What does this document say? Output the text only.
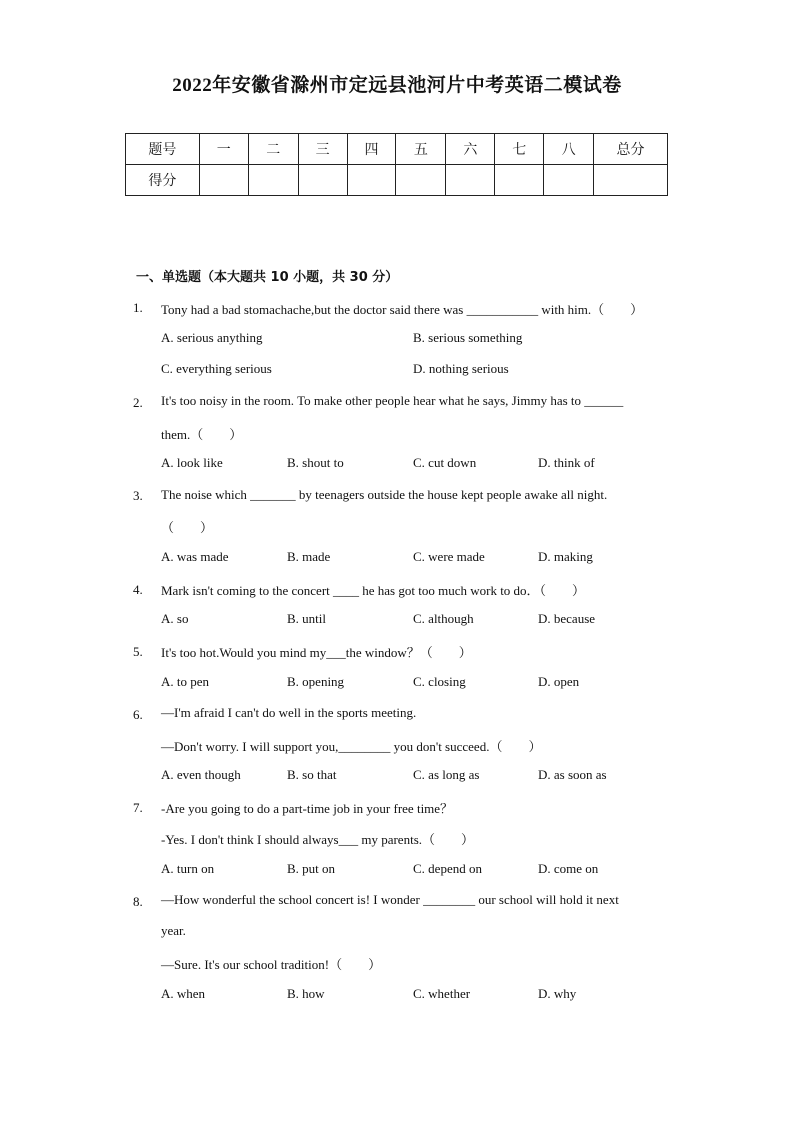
2022年安徽省滁州市定远县池河片中考英语二模试卷
题号	一	二	三	四	五	六	七	八	总分
得分									
一、单选题（本大题共 10 小题，共 30 分）
1. Tony had a bad stomachache,but the doctor said there was ___________ with him.（　　）
A. serious anything	B. serious something
C. everything serious	D. nothing serious
2. It's too noisy in the room. To make other people hear what he says, Jimmy has to ______
them.（　　）
A. look like	B. shout to	C. cut down	D. think of
3. The noise which _______ by teenagers outside the house kept people awake all night.
（　　）
A. was made	B. made	C. were made	D. making
4. Mark isn't coming to the concert ____ he has got too much work to do．（　　）
A. so	B. until	C. although	D. because
5. It's too hot.Would you mind my___the window？（　　）
A. to pen	B. opening	C. closing	D. open
6. —I'm afraid I can't do well in the sports meeting.
—Don't worry. I will support you,________ you don't succeed.（　　）
A. even though	B. so that	C. as long as	D. as soon as
7. -Are you going to do a part-time job in your free time？
-Yes. I don't think I should always___ my parents.（　　）
A. turn on	B. put on	C. depend on	D. come on
8. —How wonderful the school concert is! I wonder ________ our school will hold it next
year.
—Sure. It's our school tradition!（　　）
A. when	B. how	C. whether	D. why
